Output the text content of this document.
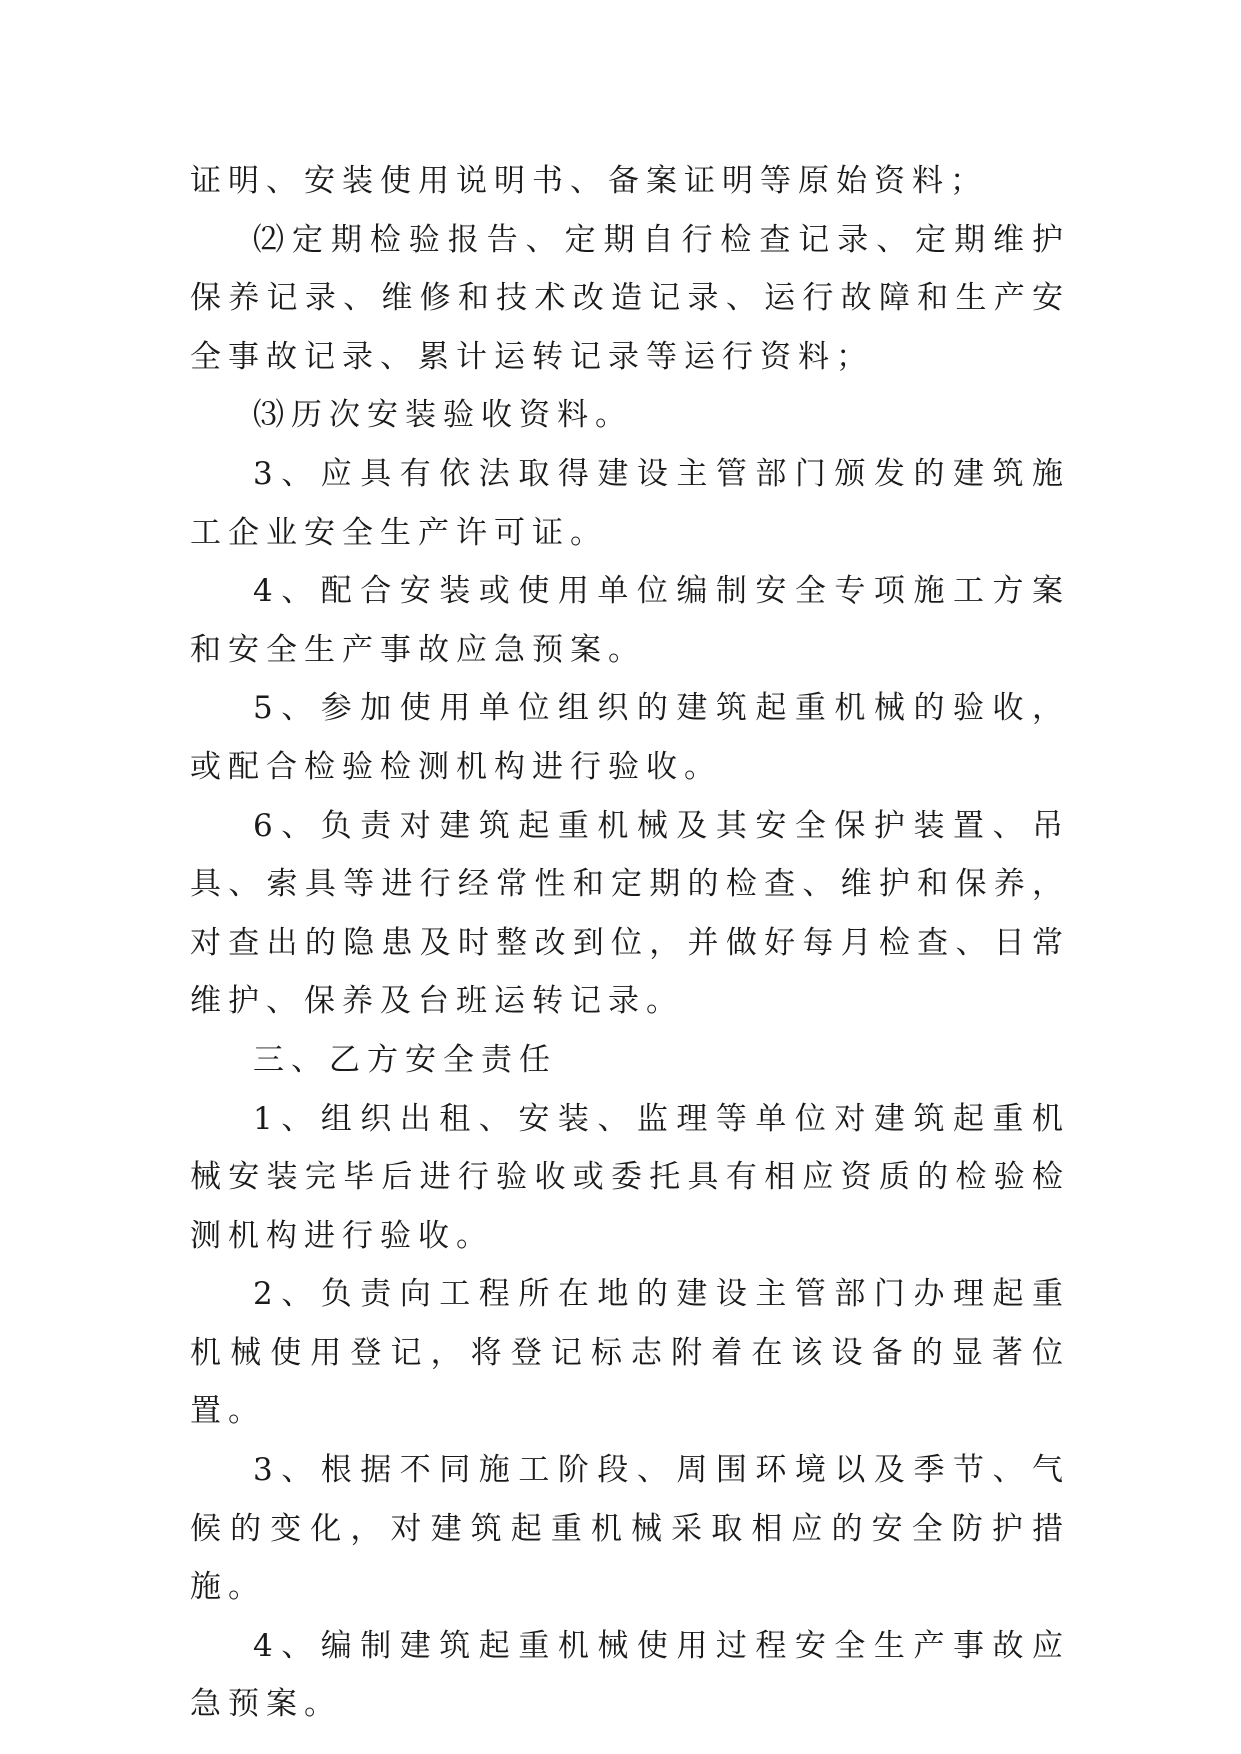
证明、安装使用说明书、备案证明等原始资料；

⑵定期检验报告、定期自行检查记录、定期维护保养记录、维修和技术改造记录、运行故障和生产安全事故记录、累计运转记录等运行资料；

⑶历次安装验收资料。

3、应具有依法取得建设主管部门颁发的建筑施工企业安全生产许可证。

4、配合安装或使用单位编制安全专项施工方案和安全生产事故应急预案。

5、参加使用单位组织的建筑起重机械的验收，或配合检验检测机构进行验收。

6、负责对建筑起重机械及其安全保护装置、吊具、索具等进行经常性和定期的检查、维护和保养，对查出的隐患及时整改到位，并做好每月检查、日常维护、保养及台班运转记录。

三、乙方安全责任

1、组织出租、安装、监理等单位对建筑起重机械安装完毕后进行验收或委托具有相应资质的检验检测机构进行验收。

2、负责向工程所在地的建设主管部门办理起重机械使用登记，将登记标志附着在该设备的显著位置。

3、根据不同施工阶段、周围环境以及季节、气候的变化，对建筑起重机械采取相应的安全防护措施。

4、编制建筑起重机械使用过程安全生产事故应急预案。
